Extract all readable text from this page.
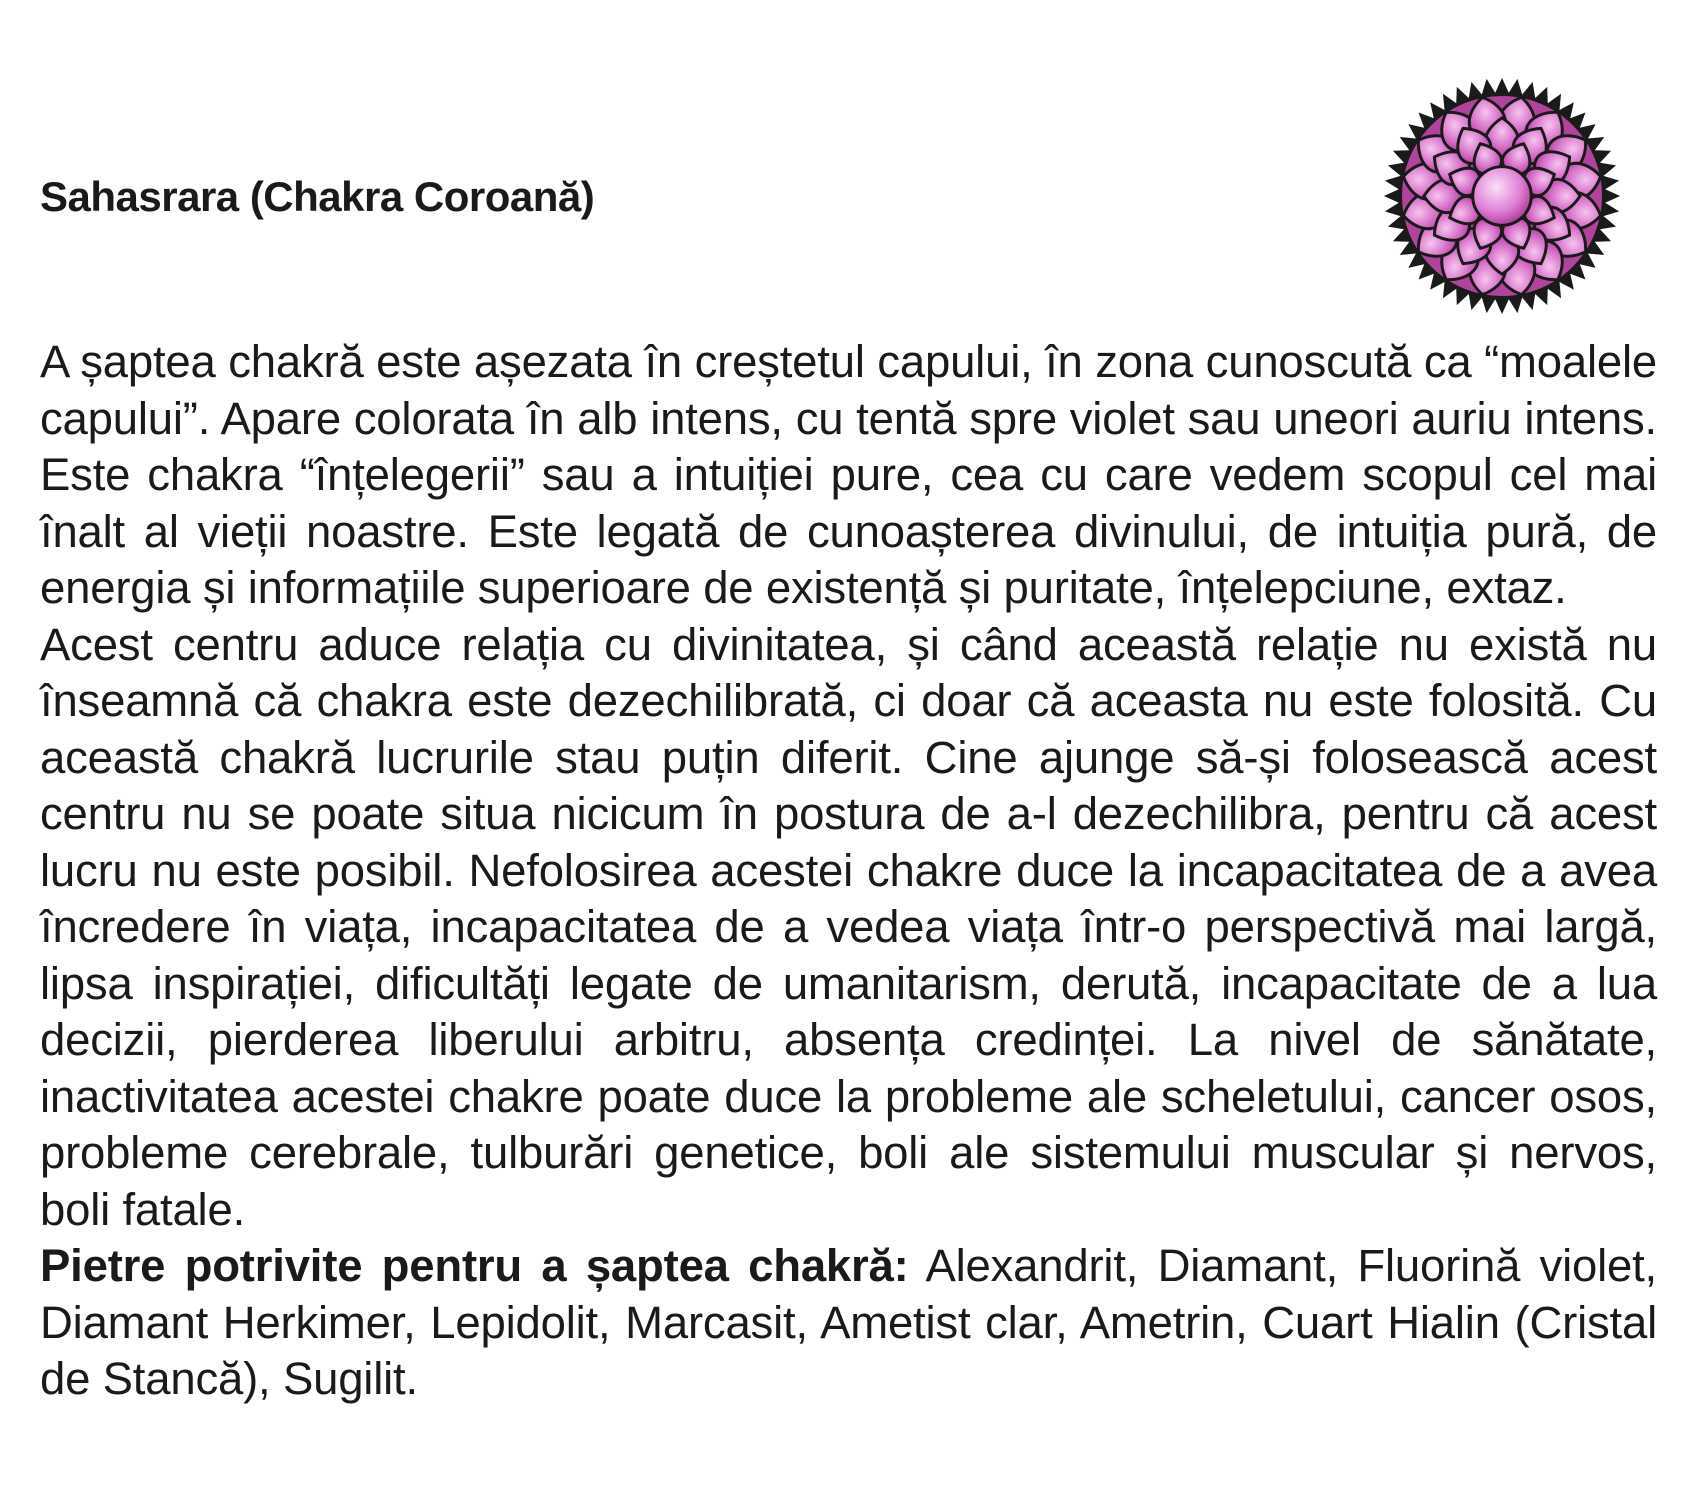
Sahasrara (Chakra Coroană)

A șaptea chakră este așezata în creștetul capului, în zona cunoscută ca “moalele capului”. Apare colorata în alb intens, cu tentă spre violet sau uneori auriu intens. Este chakra “înțelegerii” sau a intuiției pure, cea cu care vedem scopul cel mai înalt al vieții noastre. Este legată de cunoașterea divinului, de intuiția pură, de energia și informațiile superioare de existență și puritate, înțelepciune, extaz.

Acest centru aduce relația cu divinitatea, și când această relație nu există nu înseamnă că chakra este dezechilibrată, ci doar că aceasta nu este folosită. Cu această chakră lucrurile stau puțin diferit. Cine ajunge să-și folosească acest centru nu se poate situa nicicum în postura de a-l dezechilibra, pentru că acest lucru nu este posibil. Nefolosirea acestei chakre duce la incapacitatea de a avea încredere în viața, incapacitatea de a vedea viața într-o perspectivă mai largă, lipsa inspirației, dificultăți legate de umanitarism, derută, incapacitate de a lua decizii, pierderea liberului arbitru, absența credinței. La nivel de sănătate, inactivitatea acestei chakre poate duce la probleme ale scheletului, cancer osos, probleme cerebrale, tulburări genetice, boli ale sistemului muscular și nervos, boli fatale.

Pietre potrivite pentru a șaptea chakră: Alexandrit, Diamant, Fluorină violet, Diamant Herkimer, Lepidolit, Marcasit, Ametist clar, Ametrin, Cuart Hialin (Cristal de Stancă), Sugilit.
